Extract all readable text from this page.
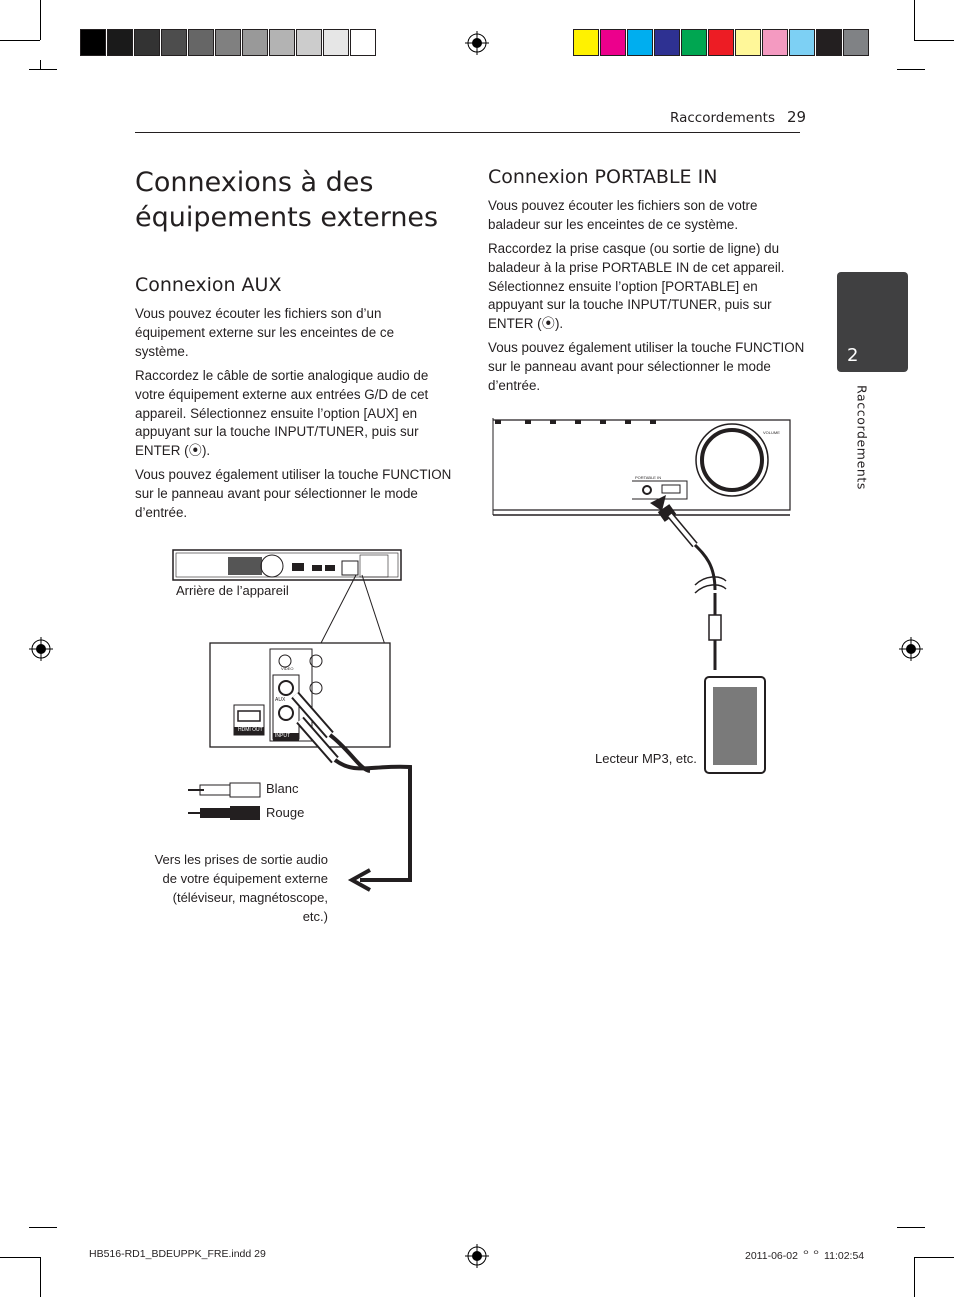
Raccordements 29
2
Raccordements
Connexions à des équipements externes
Connexion AUX

Vous pouvez écouter les fichiers son d’un équipement externe sur les enceintes de ce système.

Raccordez le câble de sortie analogique audio de votre équipement externe aux entrées G/D de cet appareil. Sélectionnez ensuite l’option [AUX] en appuyant sur la touche INPUT/TUNER, puis sur ENTER (⦿).

Vous pouvez également utiliser la touche FUNCTION sur le panneau avant pour sélectionner le mode d’entrée.

Connexion PORTABLE IN

Vous pouvez écouter les fichiers son de votre baladeur sur les enceintes de ce système.

Raccordez la prise casque (ou sortie de ligne) du baladeur à la prise PORTABLE IN de cet appareil. Sélectionnez ensuite l’option [PORTABLE] en appuyant sur la touche INPUT/TUNER, puis sur ENTER (⦿).

Vous pouvez également utiliser la touche FUNCTION sur le panneau avant pour sélectionner le mode d’entrée.

Arrière de l’appareil
Blanc
Rouge
Vers les prises de sortie audio de votre équipement externe (téléviseur, magnétoscope, etc.)
HDMI OUT
INPUT
AUX
VIDEO
Lecteur MP3, etc.
PORTABLE IN
VOLUME
HB516-RD1_BDEUPPK_FRE.indd 29	2011-06-02 ᄋᄋ 11:02:54
